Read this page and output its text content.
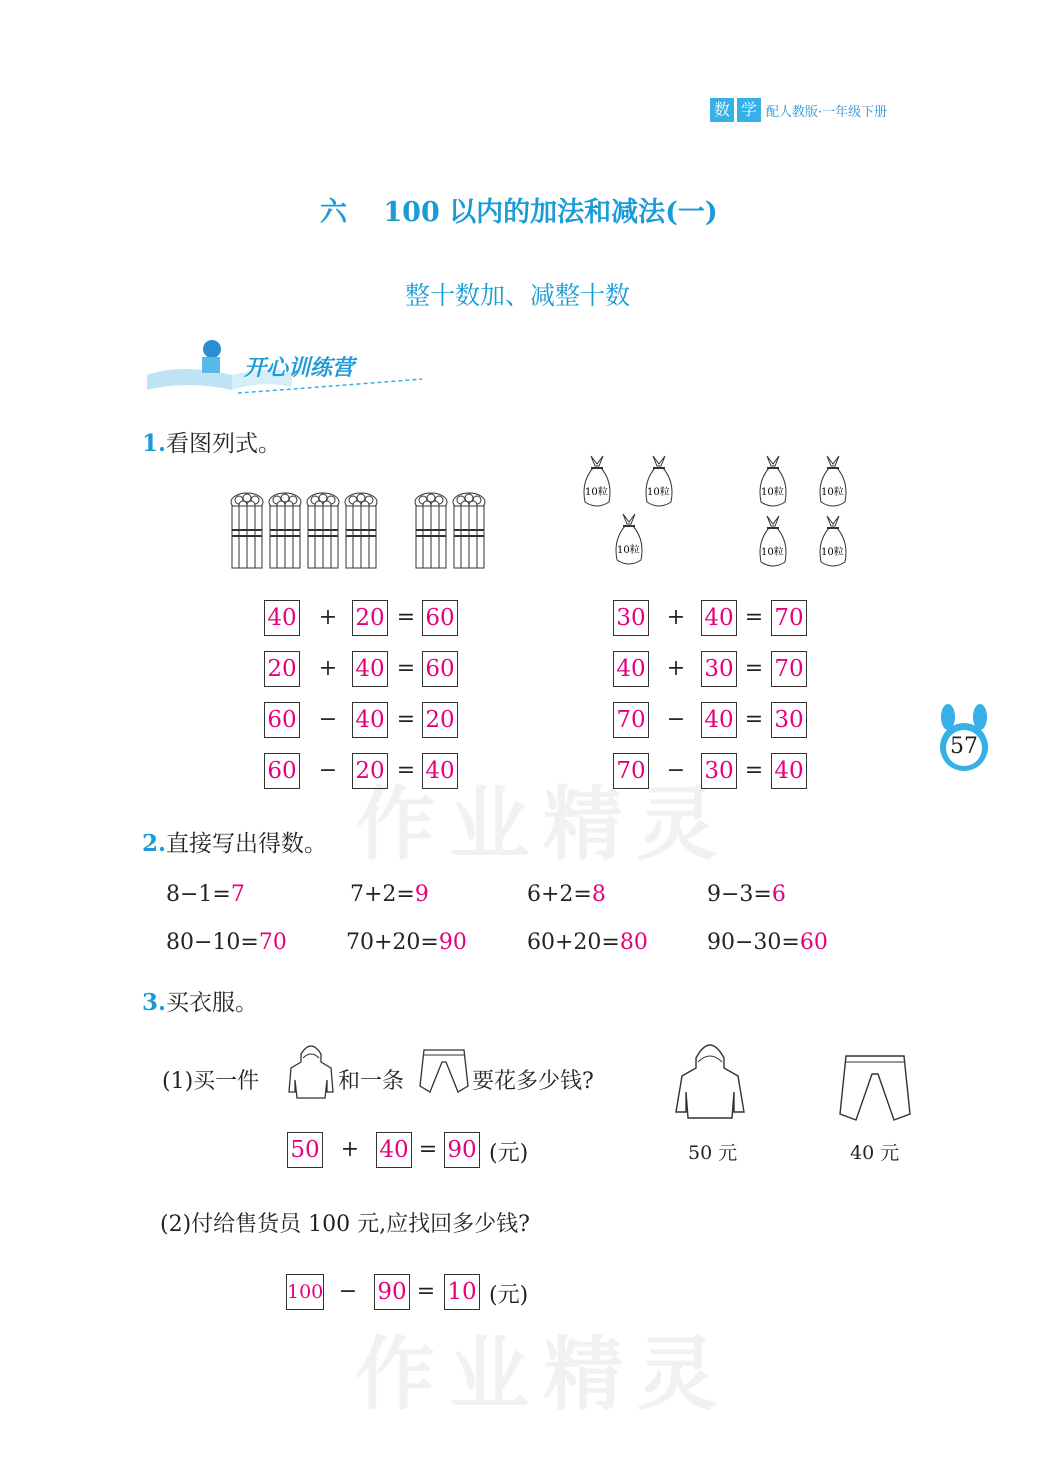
作业精灵
作业精灵
数 学 配人教版·一年级下册
六　 100 以内的加法和减法(一)
整十数加、减整十数
开心训练营
57
1.看图列式。
10粒	10粒
10粒
10粒	10粒
10粒	10粒
40 + 20 = 60
20 + 40 = 60
60 − 40 = 20
60 − 20 = 40
30 + 40 = 70
40 + 30 = 70
70 − 40 = 30
70 − 30 = 40
2.直接写出得数。
8−1=7	7+2=9	6+2=8	9−3=6
80−10=70	70+20=90	60+20=80	90−30=60
3.买衣服。
(1)买一件	和一条	要花多少钱?
50 + 40 = 90 (元)	50 元	40 元
(2)付给售货员 100 元,应找回多少钱?
100 − 90 = 10 (元)
